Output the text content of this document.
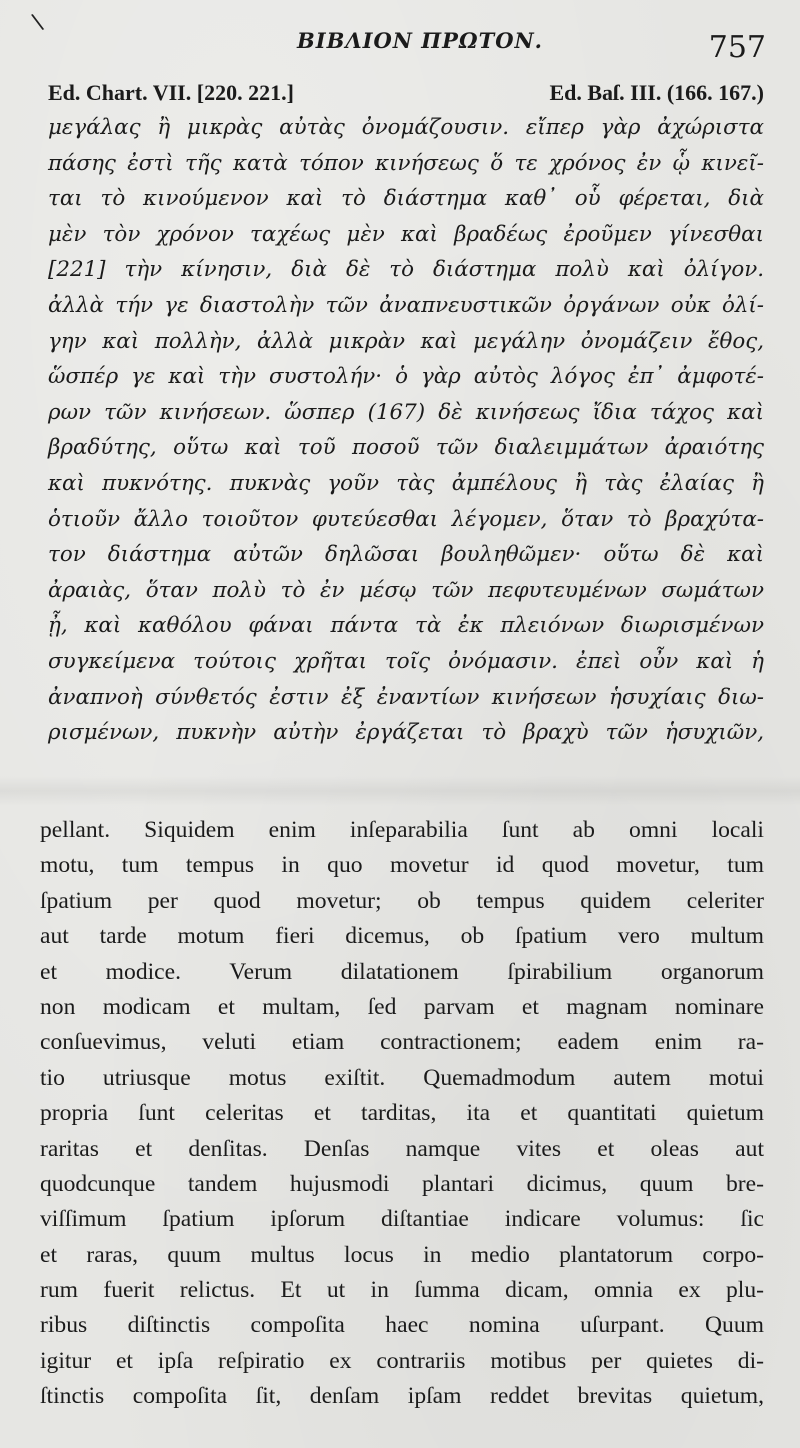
\
ΒΙΒΛΙΟΝ ΠΡΩΤΟΝ.	757
Ed. Chart. VII. [220. 221.]	Ed. Baſ. III. (166. 167.)
μεγάλας ἢ μικρὰς αὐτὰς ὀνομάζουσιν. εἴπερ γὰρ ἀχώριστα
πάσης ἐστὶ τῆς κατὰ τόπον κινήσεως ὅ τε χρόνος ἐν ᾧ κινεῖ-
ται τὸ κινούμενον καὶ τὸ διάστημα καθ᾿ οὗ φέρεται, διὰ
μὲν τὸν χρόνον ταχέως μὲν καὶ βραδέως ἐροῦμεν γίνεσθαι
[221] τὴν κίνησιν, διὰ δὲ τὸ διάστημα πολὺ καὶ ὀλίγον.
ἀλλὰ τήν γε διαστολὴν τῶν ἀναπνευστικῶν ὀργάνων οὐκ ὀλί-
γην καὶ πολλὴν, ἀλλὰ μικρὰν καὶ μεγάλην ὀνομάζειν ἔθος,
ὥσπέρ γε καὶ τὴν συστολήν· ὁ γὰρ αὐτὸς λόγος ἐπ᾿ ἀμφοτέ-
ρων τῶν κινήσεων. ὥσπερ (167) δὲ κινήσεως ἴδια τάχος καὶ
βραδύτης, οὕτω καὶ τοῦ ποσοῦ τῶν διαλειμμάτων ἀραιότης
καὶ πυκνότης. πυκνὰς γοῦν τὰς ἀμπέλους ἢ τὰς ἐλαίας ἢ
ὁτιοῦν ἄλλο τοιοῦτον φυτεύεσθαι λέγομεν, ὅταν τὸ βραχύτα-
τον διάστημα αὐτῶν δηλῶσαι βουληθῶμεν· οὕτω δὲ καὶ
ἀραιὰς, ὅταν πολὺ τὸ ἐν μέσῳ τῶν πεφυτευμένων σωμάτων
ᾖ, καὶ καθόλου φάναι πάντα τὰ ἐκ πλειόνων διωρισμένων
συγκείμενα τούτοις χρῆται τοῖς ὀνόμασιν. ἐπεὶ οὖν καὶ ἡ
ἀναπνοὴ σύνθετός ἐστιν ἐξ ἐναντίων κινήσεων ἡσυχίαις διω-
ρισμένων, πυκνὴν αὐτὴν ἐργάζεται τὸ βραχὺ τῶν ἡσυχιῶν,
pellant. Siquidem enim inſeparabilia ſunt ab omni locali
motu, tum tempus in quo movetur id quod movetur, tum
ſpatium per quod movetur; ob tempus quidem celeriter
aut tarde motum fieri dicemus, ob ſpatium vero multum
et modice. Verum dilatationem ſpirabilium organorum
non modicam et multam, ſed parvam et magnam nominare
conſuevimus, veluti etiam contractionem; eadem enim ra-
tio utriusque motus exiſtit. Quemadmodum autem motui
propria ſunt celeritas et tarditas, ita et quantitati quietum
raritas et denſitas. Denſas namque vites et oleas aut
quodcunque tandem hujusmodi plantari dicimus, quum bre-
viſſimum ſpatium ipſorum diſtantiae indicare volumus: ſic
et raras, quum multus locus in medio plantatorum corpo-
rum fuerit relictus. Et ut in ſumma dicam, omnia ex plu-
ribus diſtinctis compoſita haec nomina uſurpant. Quum
igitur et ipſa reſpiratio ex contrariis motibus per quietes di-
ſtinctis compoſita ſit, denſam ipſam reddet brevitas quietum,
